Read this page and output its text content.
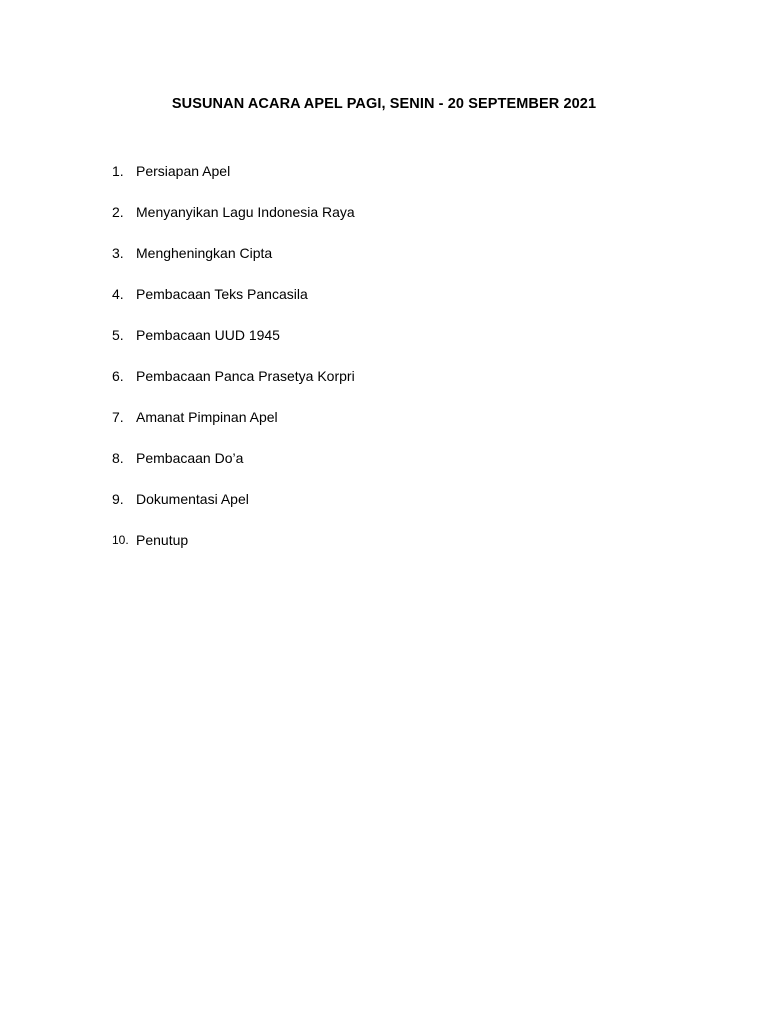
SUSUNAN ACARA APEL PAGI, SENIN - 20 SEPTEMBER 2021
1. Persiapan Apel
2. Menyanyikan Lagu Indonesia Raya
3. Mengheningkan Cipta
4. Pembacaan Teks Pancasila
5. Pembacaan UUD 1945
6. Pembacaan Panca Prasetya Korpri
7. Amanat Pimpinan Apel
8. Pembacaan Do’a
9. Dokumentasi Apel
10. Penutup
